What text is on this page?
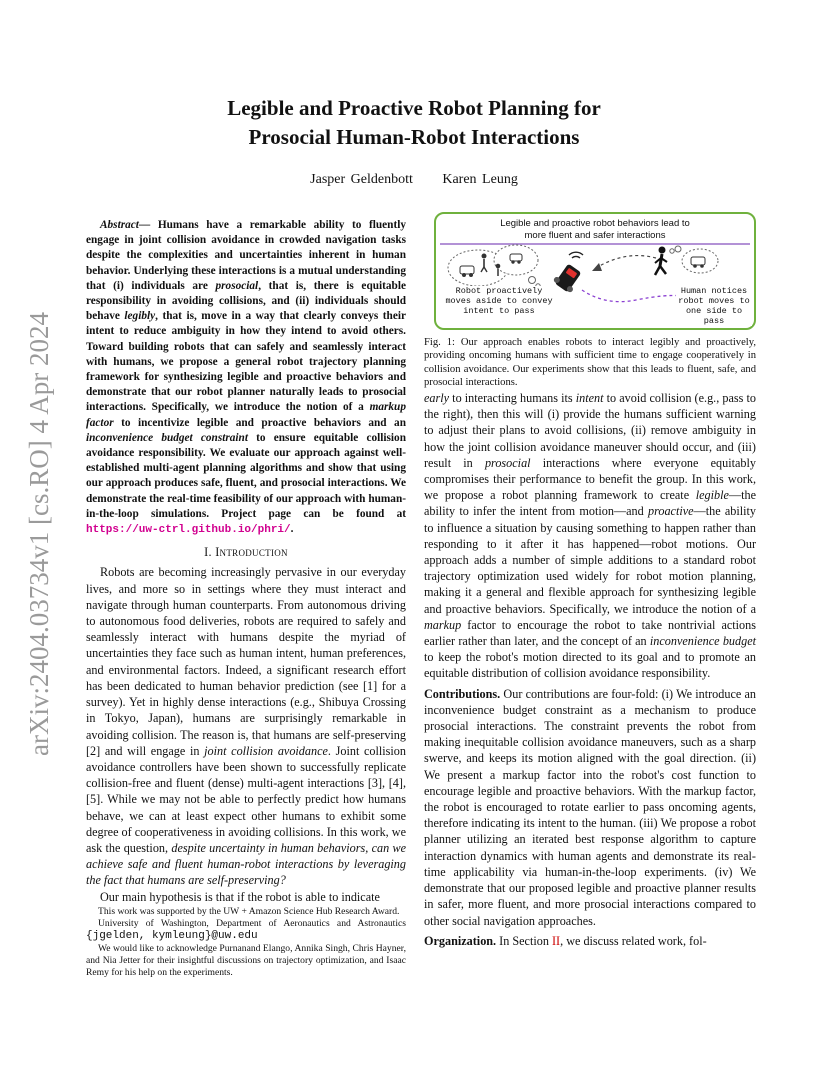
arXiv:2404.03734v1 [cs.RO] 4 Apr 2024
Legible and Proactive Robot Planning for
Prosocial Human-Robot Interactions
Jasper Geldenbott Karen Leung

Abstract— Humans have a remarkable ability to fluently engage in joint collision avoidance in crowded navigation tasks despite the complexities and uncertainties inherent in human behavior. Underlying these interactions is a mutual understanding that (i) individuals are prosocial, that is, there is equitable responsibility in avoiding collisions, and (ii) individuals should behave legibly, that is, move in a way that clearly conveys their intent to reduce ambiguity in how they intend to avoid others. Toward building robots that can safely and seamlessly interact with humans, we propose a general robot trajectory planning framework for synthesizing legible and proactive behaviors and demonstrate that our robot planner naturally leads to prosocial interactions. Specifically, we introduce the notion of a markup factor to incentivize legible and proactive behaviors and an inconvenience budget constraint to ensure equitable collision avoidance responsibility. We evaluate our approach against well-established multi-agent planning algorithms and show that using our approach produces safe, fluent, and prosocial interactions. We demonstrate the real-time feasibility of our approach with human-in-the-loop simulations. Project page can be found at https://uw-ctrl.github.io/phri/.

I. Introduction

Robots are becoming increasingly pervasive in our everyday lives, and more so in settings where they must interact and navigate through human counterparts. From autonomous driving to autonomous food deliveries, robots are required to safely and seamlessly interact with humans despite the myriad of uncertainties they face such as human intent, human preferences, and environmental factors. Indeed, a significant research effort has been dedicated to human behavior prediction (see [1] for a survey). Yet in highly dense interactions (e.g., Shibuya Crossing in Tokyo, Japan), humans are surprisingly remarkable in avoiding collision. The reason is, that humans are self-preserving [2] and will engage in joint collision avoidance. Joint collision avoidance controllers have been shown to successfully replicate collision-free and fluent (dense) multi-agent interactions [3], [4], [5]. While we may not be able to perfectly predict how humans behave, we can at least expect other humans to exhibit some degree of cooperativeness in avoiding collisions. In this work, we ask the question, despite uncertainty in human behaviors, can we achieve safe and fluent human-robot interactions by leveraging the fact that humans are self-preserving?

Our main hypothesis is that if the robot is able to indicate

This work was supported by the UW + Amazon Science Hub Research Award.

University of Washington, Department of Aeronautics and Astronautics {jgelden, kymleung}@uw.edu

We would like to acknowledge Purnanand Elango, Annika Singh, Chris Hayner, and Nia Jetter for their insightful discussions on trajectory optimization, and Isaac Remy for his help on the experiments.

Legible and proactive robot behaviors lead to
more fluent and safer interactions
Robot proactively moves aside to convey intent to pass
Human notices robot moves to one side to pass
Fig. 1: Our approach enables robots to interact legibly and proactively, providing oncoming humans with sufficient time to engage cooperatively in collision avoidance. Our experiments show that this leads to fluent, safe, and prosocial interactions.

early to interacting humans its intent to avoid collision (e.g., pass to the right), then this will (i) provide the humans sufficient warning to adjust their plans to avoid collisions, (ii) remove ambiguity in how the joint collision avoidance maneuver should occur, and (iii) result in prosocial interactions where everyone equitably compromises their performance to benefit the group. In this work, we propose a robot planning framework to create legible—the ability to infer the intent from motion—and proactive—the ability to influence a situation by causing something to happen rather than responding to it after it has happened—robot motions. Our approach adds a number of simple additions to a standard robot trajectory optimization used widely for robot motion planning, making it a general and flexible approach for synthesizing legible and proactive behaviors. Specifically, we introduce the notion of a markup factor to encourage the robot to take nontrivial actions earlier rather than later, and the concept of an inconvenience budget to keep the robot's motion directed to its goal and to promote an equitable distribution of collision avoidance responsibility.

Contributions. Our contributions are four-fold: (i) We introduce an inconvenience budget constraint as a mechanism to produce prosocial interactions. The constraint prevents the robot from making inequitable collision avoidance maneuvers, such as a sharp swerve, and keeps its motion aligned with the goal direction. (ii) We present a markup factor into the robot's cost function to encourage legible and proactive behaviors. With the markup factor, the robot is encouraged to rotate earlier to pass oncoming agents, therefore indicating its intent to the human. (iii) We propose a robot planner utilizing an iterated best response algorithm to capture interaction dynamics with human agents and demonstrate its real-time applicability via human-in-the-loop experiments. (iv) We demonstrate that our proposed legible and proactive planner results in safer, more fluent, and more prosocial interactions compared to other social navigation approaches.

Organization. In Section II, we discuss related work, fol-
